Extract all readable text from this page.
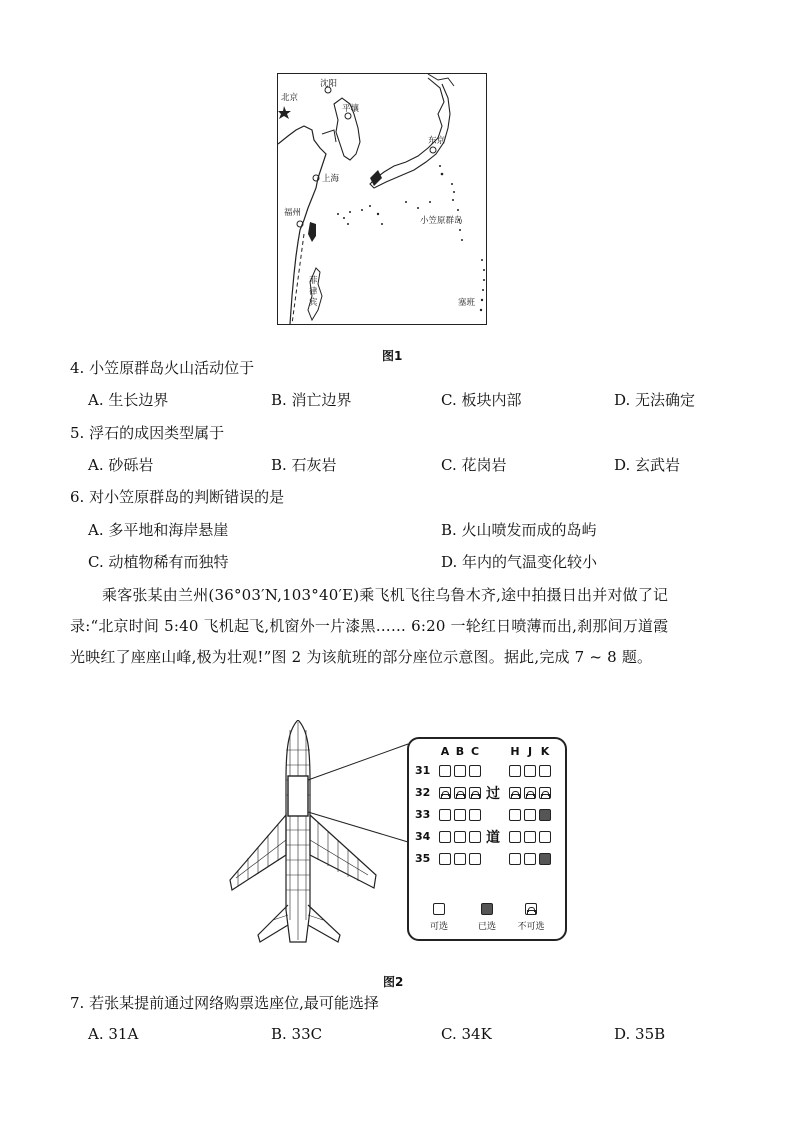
北京
沈阳
平壤
东京
上海
福州
菲律宾
小笠原群岛
塞班
图1
4. 小笠原群岛火山活动位于
A. 生长边界	B. 消亡边界	C. 板块内部	D. 无法确定
5. 浮石的成因类型属于
A. 砂砾岩	B. 石灰岩	C. 花岗岩	D. 玄武岩
6. 对小笠原群岛的判断错误的是
A. 多平地和海岸悬崖	B. 火山喷发而成的岛屿
C. 动植物稀有而独特	D. 年内的气温变化较小
乘客张某由兰州(36°03′N,103°40′E)乘飞机飞往乌鲁木齐,途中拍摄日出并对做了记
录:“北京时间 5:40 飞机起飞,机窗外一片漆黑…… 6:20 一轮红日喷薄而出,刹那间万道霞
光映红了座座山峰,极为壮观!”图 2 为该航班的部分座位示意图。据此,完成 7 ~ 8 题。
A B C	H J K
过
道
31
32
33
34
35
可选	已选	不可选
图2
7. 若张某提前通过网络购票选座位,最可能选择
A. 31A	B. 33C	C. 34K	D. 35B
